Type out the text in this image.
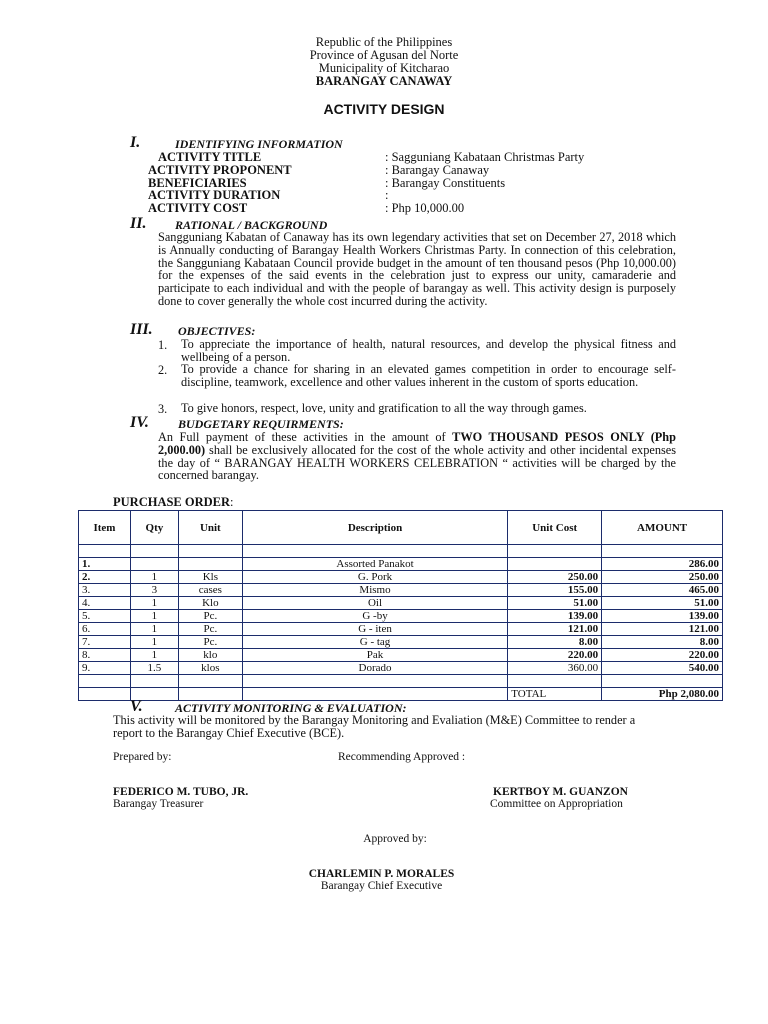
Republic of the Philippines
Province of Agusan del Norte
Municipality of Kitcharao
BARANGAY CANAWAY
ACTIVITY DESIGN
I.	IDENTIFYING INFORMATION
ACTIVITY TITLE	: Sagguniang Kabataan Christmas Party
ACTIVITY PROPONENT	: Barangay Canaway
BENEFICIARIES	: Barangay Constituents
ACTIVITY DURATION	:
ACTIVITY COST	: Php 10,000.00
II. RATIONAL / BACKGROUND
Sangguniang Kabatan of Canaway has its own legendary activities that set on December 27, 2018 which is Annually conducting of Barangay Health Workers Christmas Party. In connection of this celebration, the Sangguniang Kabataan Council provide budget in the amount of ten thousand pesos (Php 10,000.00) for the expenses of the said events in the celebration just to express our unity, camaraderie and participate to each individual and with the people of barangay as well. This activity design is purposely done to cover generally the whole cost incurred during the activity.
III. OBJECTIVES:
1. To appreciate the importance of health, natural resources, and develop the physical fitness and wellbeing of a person.
2. To provide a chance for sharing in an elevated games competition in order to encourage self-discipline, teamwork, excellence and other values inherent in the custom of sports education.
3. To give honors, respect, love, unity and gratification to all the way through games.
IV. BUDGETARY REQUIRMENTS:
An Full payment of these activities in the amount of TWO THOUSAND PESOS ONLY (Php 2,000.00) shall be exclusively allocated for the cost of the whole activity and other incidental expenses the day of “ BARANGAY HEALTH WORKERS CELEBRATION “ activities will be charged by the concerned barangay.
PURCHASE ORDER:
Item	Qty	Unit	Description	Unit Cost	AMOUNT

1.			Assorted Panakot		286.00
2.	1	Kls	G. Pork	250.00	250.00
3.	3	cases	Mismo	155.00	465.00
4.	1	Klo	Oil	51.00	51.00
5.	1	Pc.	G -by	139.00	139.00
6.	1	Pc.	G - iten	121.00	121.00
7.	1	Pc.	G - tag	8.00	8.00
8.	1	klo	Pak	220.00	220.00
9.	1.5	klos	Dorado	360.00	540.00

				TOTAL	Php 2,080.00
V.	ACTIVITY MONITORING & EVALUATION:
This activity will be monitored by the Barangay Monitoring and Evaliation (M&E) Committee to render a report to the Barangay Chief Executive (BCE).
Prepared by:	Recommending Approved :
FEDERICO M. TUBO, JR.
Barangay Treasurer
KERTBOY M. GUANZON
Committee on Appropriation
Approved by:
CHARLEMIN P. MORALES
Barangay Chief Executive
